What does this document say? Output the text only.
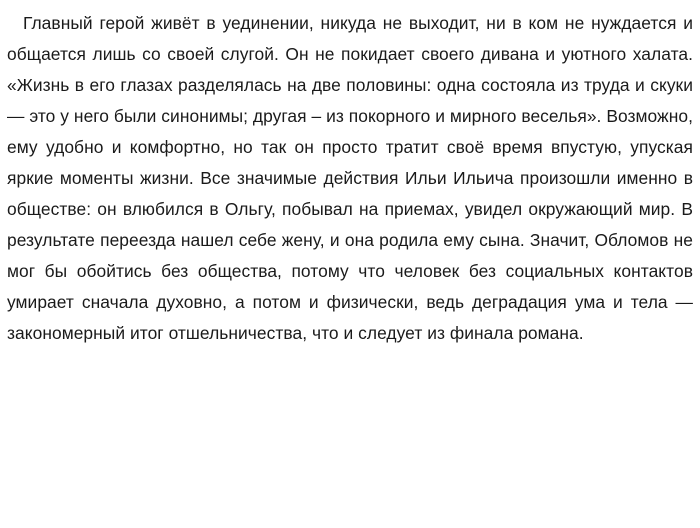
Главный герой живёт в уединении, никуда не выходит, ни в ком не нуждается и общается лишь со своей слугой. Он не покидает своего дивана и уютного халата. «Жизнь в его глазах разделялась на две половины: одна состояла из труда и скуки — это у него были синонимы; другая – из покорного и мирного веселья». Возможно, ему удобно и комфортно, но так он просто тратит своё время впустую, упуская яркие моменты жизни. Все значимые действия Ильи Ильича произошли именно в обществе: он влюбился в Ольгу, побывал на приемах, увидел окружающий мир. В результате переезда нашел себе жену, и она родила ему сына. Значит, Обломов не мог бы обойтись без общества, потому что человек без социальных контактов умирает сначала духовно, а потом и физически, ведь деградация ума и тела — закономерный итог отшельничества, что и следует из финала романа.
